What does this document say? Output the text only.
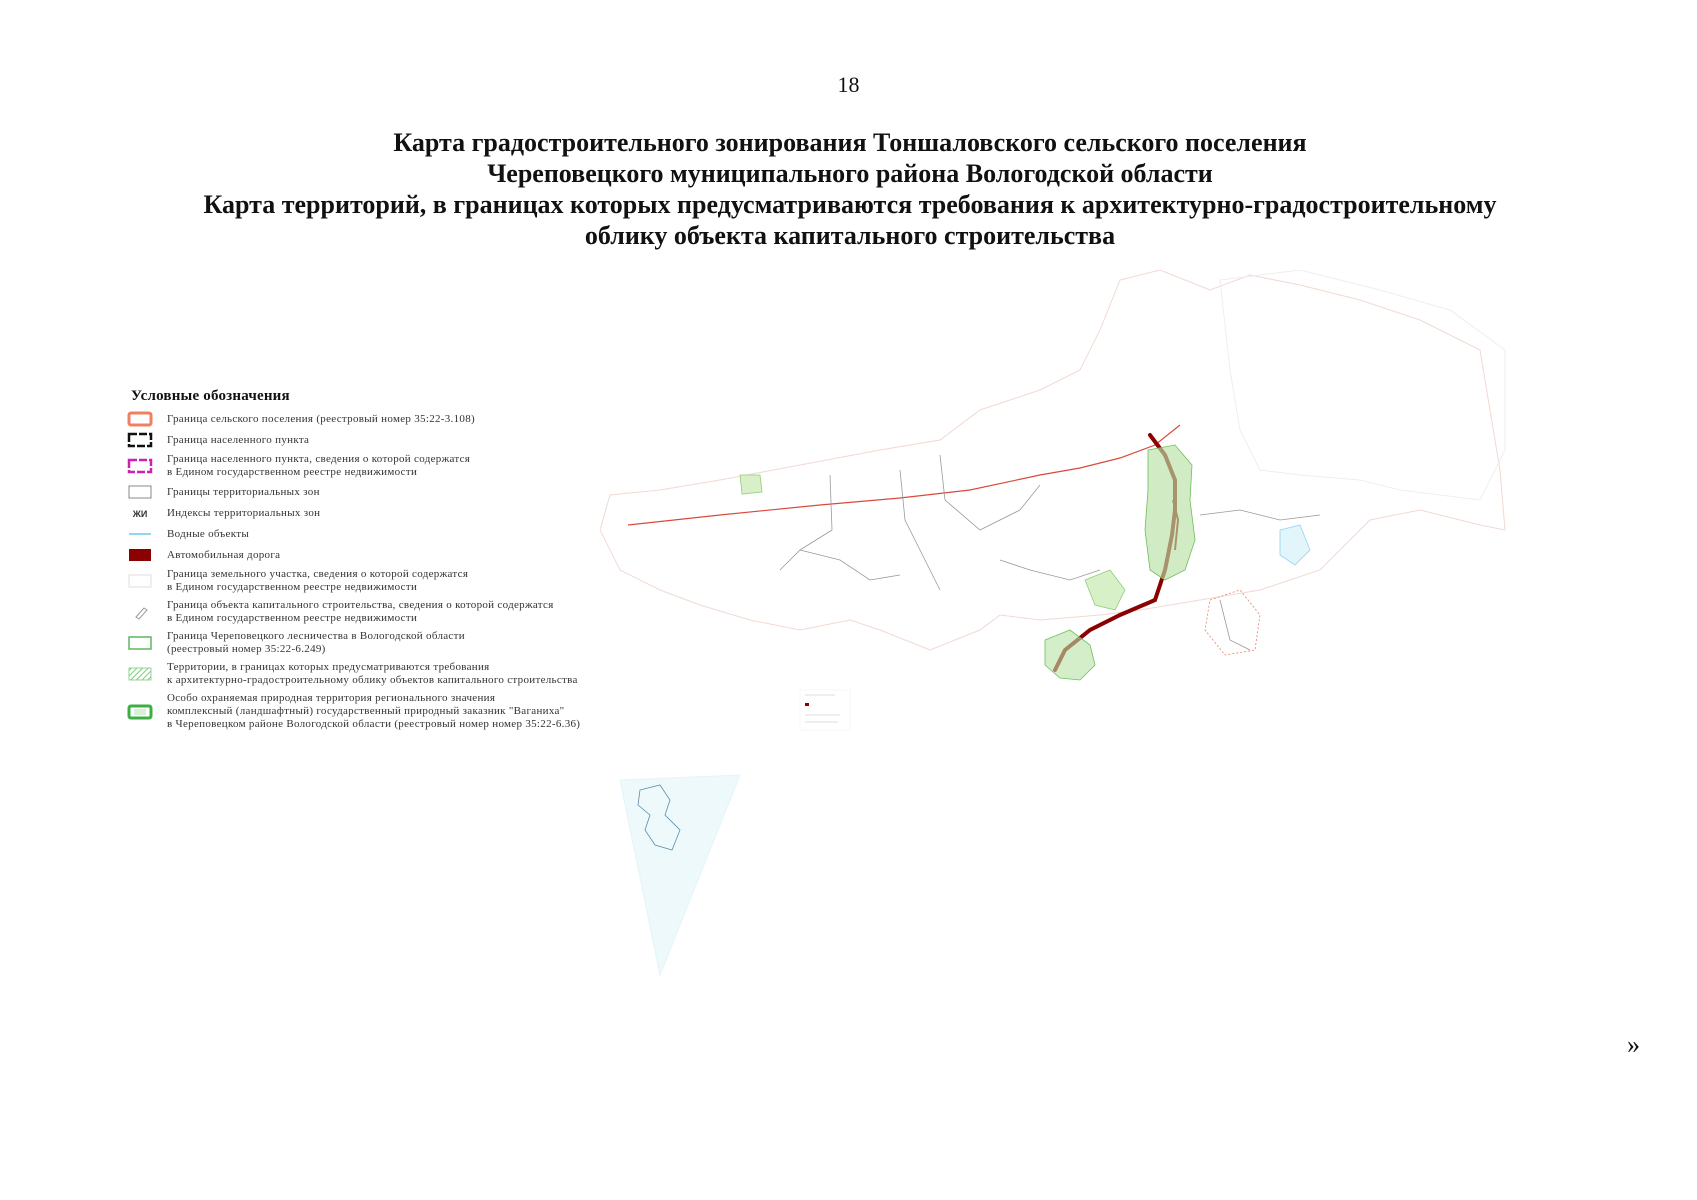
18
Карта градостроительного зонирования Тоншаловского сельского поселения
Череповецкого муниципального района Вологодской области
Карта территорий, в границах которых предусматриваются требования к архитектурно-градостроительному
облику объекта капитального строительства
Условные обозначения
Граница сельского поселения (реестровый номер 35:22-3.108)
Граница населенного пункта
Граница населенного пункта, сведения о которой содержатся
в Едином государственном реестре недвижимости
Границы территориальных зон
ЖИ Индексы территориальных зон
Водные объекты
Автомобильная дорога
Граница земельного участка, сведения о которой содержатся
в Едином государственном реестре недвижимости
Граница объекта капитального строительства, сведения о которой содержатся
в Едином государственном реестре недвижимости
Граница Череповецкого лесничества в Вологодской области
(реестровый номер 35:22-6.249)
Территории, в границах которых предусматриваются требования
к архитектурно-градостроительному облику объектов капитального строительства
Особо охраняемая природная территория регионального значения
комплексный (ландшафтный) государственный природный заказник "Ваганиха"
в Череповецком районе Вологодской области (реестровый номер номер 35:22-6.36)
»
